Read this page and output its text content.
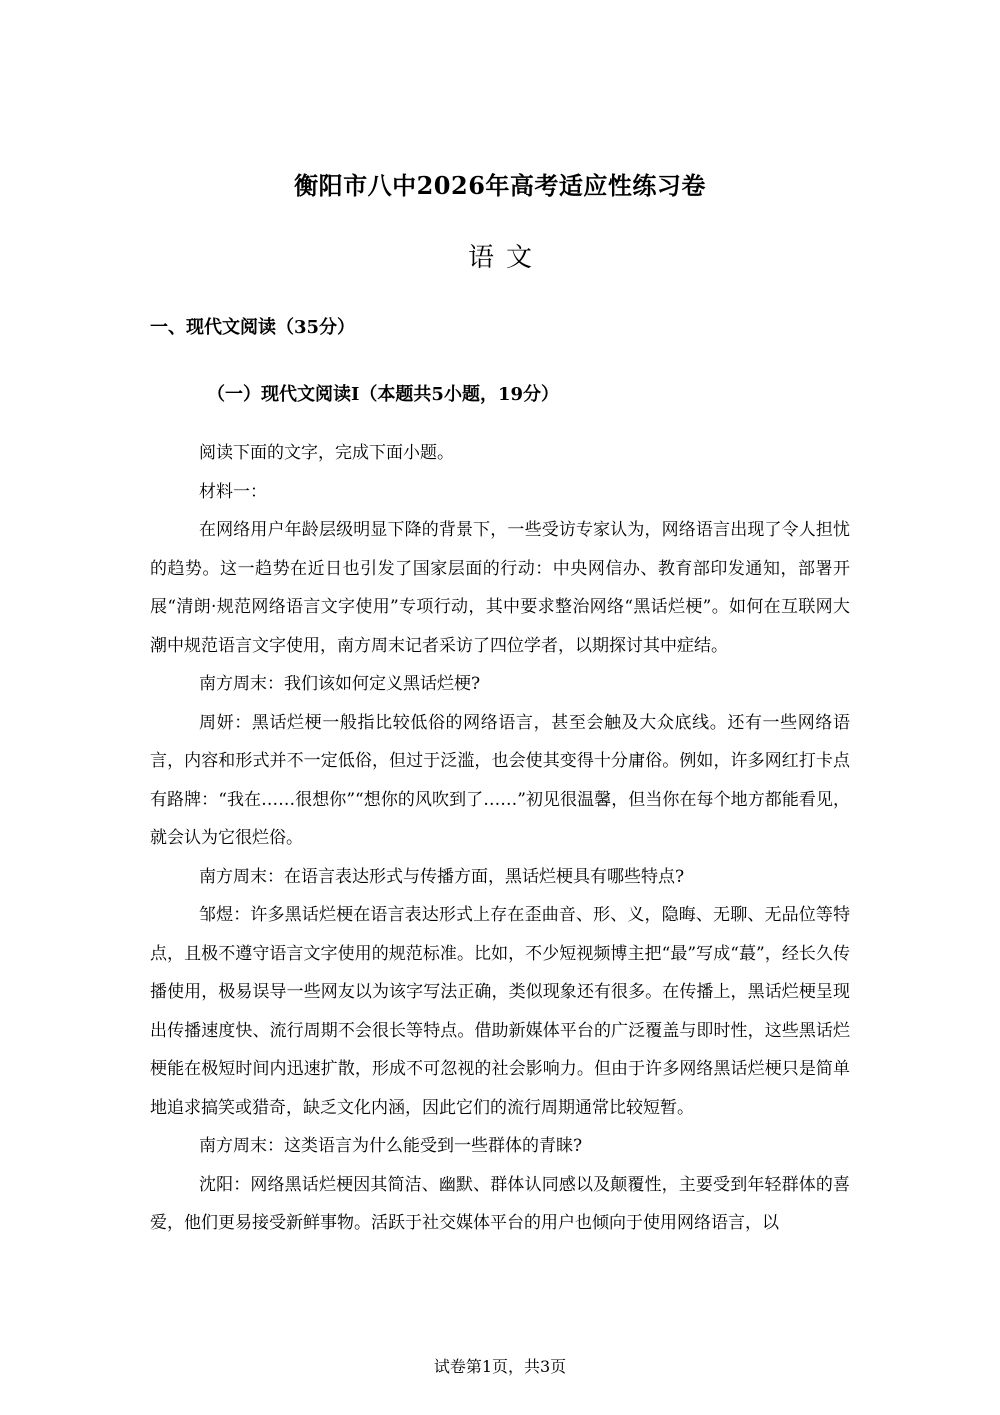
衡阳市八中2026年高考适应性练习卷
语文
一、现代文阅读（35分）
（一）现代文阅读Ⅰ（本题共5小题，19分）

阅读下面的文字，完成下面小题。

材料一：

在网络用户年龄层级明显下降的背景下，一些受访专家认为，网络语言出现了令人担忧的趋势。这一趋势在近日也引发了国家层面的行动：中央网信办、教育部印发通知，部署开展“清朗·规范网络语言文字使用”专项行动，其中要求整治网络“黑话烂梗”。如何在互联网大潮中规范语言文字使用，南方周末记者采访了四位学者，以期探讨其中症结。

南方周末：我们该如何定义黑话烂梗?

周妍：黑话烂梗一般指比较低俗的网络语言，甚至会触及大众底线。还有一些网络语言，内容和形式并不一定低俗，但过于泛滥，也会使其变得十分庸俗。例如，许多网红打卡点有路牌：“我在……很想你”“想你的风吹到了……”初见很温馨，但当你在每个地方都能看见，就会认为它很烂俗。

南方周末：在语言表达形式与传播方面，黑话烂梗具有哪些特点?

邹煜：许多黑话烂梗在语言表达形式上存在歪曲音、形、义，隐晦、无聊、无品位等特点，且极不遵守语言文字使用的规范标准。比如，不少短视频博主把“最”写成“蕞”，经长久传播使用，极易误导一些网友以为该字写法正确，类似现象还有很多。在传播上，黑话烂梗呈现出传播速度快、流行周期不会很长等特点。借助新媒体平台的广泛覆盖与即时性，这些黑话烂梗能在极短时间内迅速扩散，形成不可忽视的社会影响力。但由于许多网络黑话烂梗只是简单地追求搞笑或猎奇，缺乏文化内涵，因此它们的流行周期通常比较短暂。

南方周末：这类语言为什么能受到一些群体的青睐?

沈阳：网络黑话烂梗因其简洁、幽默、群体认同感以及颠覆性，主要受到年轻群体的喜爱，他们更易接受新鲜事物。活跃于社交媒体平台的用户也倾向于使用网络语言，以

试卷第1页，共3页
